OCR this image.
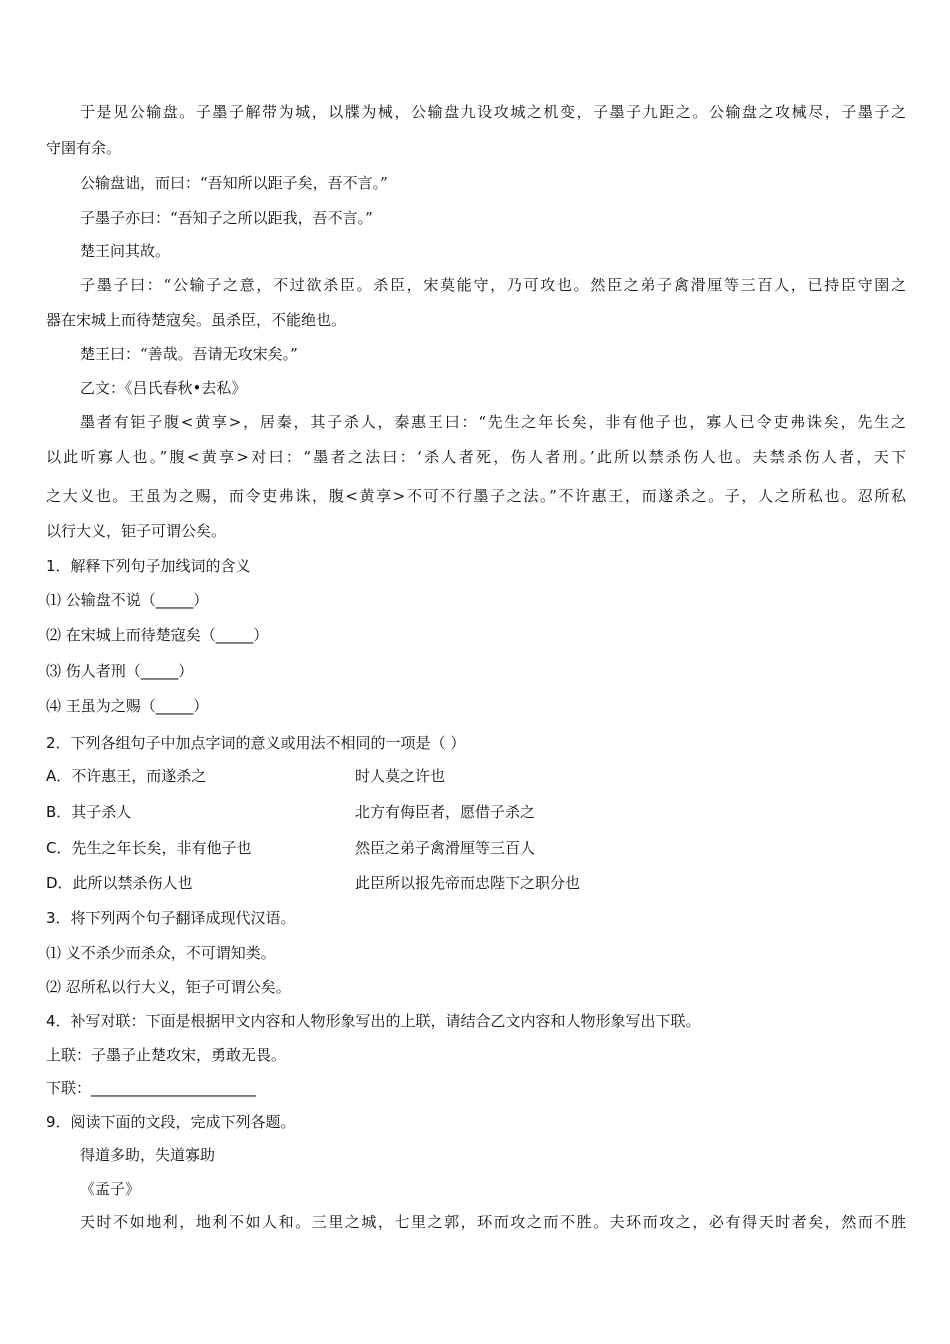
于是见公输盘。子墨子解带为城，以牒为械，公输盘九设攻城之机变，子墨子九距之。公输盘之攻械尽，子墨子之
守圉有余。
公输盘诎，而曰：“吾知所以距子矣，吾不言。”
子墨子亦曰：“吾知子之所以距我，吾不言。”
楚王问其故。
子墨子曰：“公输子之意，不过欲杀臣。杀臣，宋莫能守，乃可攻也。然臣之弟子禽滑厘等三百人，已持臣守圉之
器在宋城上而待楚寇矣。虽杀臣，不能绝也。
楚王曰：“善哉。吾请无攻宋矣。”
乙文：《吕氏春秋•去私》
墨者有钜子腹<黄享>，居秦，其子杀人，秦惠王曰：“先生之年长矣，非有他子也，寡人已令吏弗诛矣，先生之
以此听寡人也。”腹<黄享>对曰：“墨者之法曰：‘杀人者死，伤人者刑。’此所以禁杀伤人也。夫禁杀伤人者，天下
之大义也。王虽为之赐，而令吏弗诛，腹<黄享>不可不行墨子之法。”不许惠王，而遂杀之。子，人之所私也。忍所私
以行大义，钜子可谓公矣。
1．解释下列句子加线词的含义
⑴ 公输盘不说（_____）
⑵ 在宋城上而待楚寇矣（_____）
⑶ 伤人者刑（_____）
⑷ 王虽为之赐（_____）
2．下列各组句子中加点字词的意义或用法不相同的一项是（ ）
A．不许惠王，而遂杀之	时人莫之许也
B．其子杀人	北方有侮臣者，愿借子杀之
C．先生之年长矣，非有他子也	然臣之弟子禽滑厘等三百人
D．此所以禁杀伤人也	此臣所以报先帝而忠陛下之职分也
3．将下列两个句子翻译成现代汉语。
⑴ 义不杀少而杀众，不可谓知类。
⑵ 忍所私以行大义，钜子可谓公矣。
4．补写对联：下面是根据甲文内容和人物形象写出的上联，请结合乙文内容和人物形象写出下联。
上联：子墨子止楚攻宋，勇敢无畏。
下联：______________________
9．阅读下面的文段，完成下列各题。
得道多助，失道寡助
《孟子》
天时不如地利，地利不如人和。三里之城，七里之郭，环而攻之而不胜。夫环而攻之，必有得天时者矣，然而不胜
